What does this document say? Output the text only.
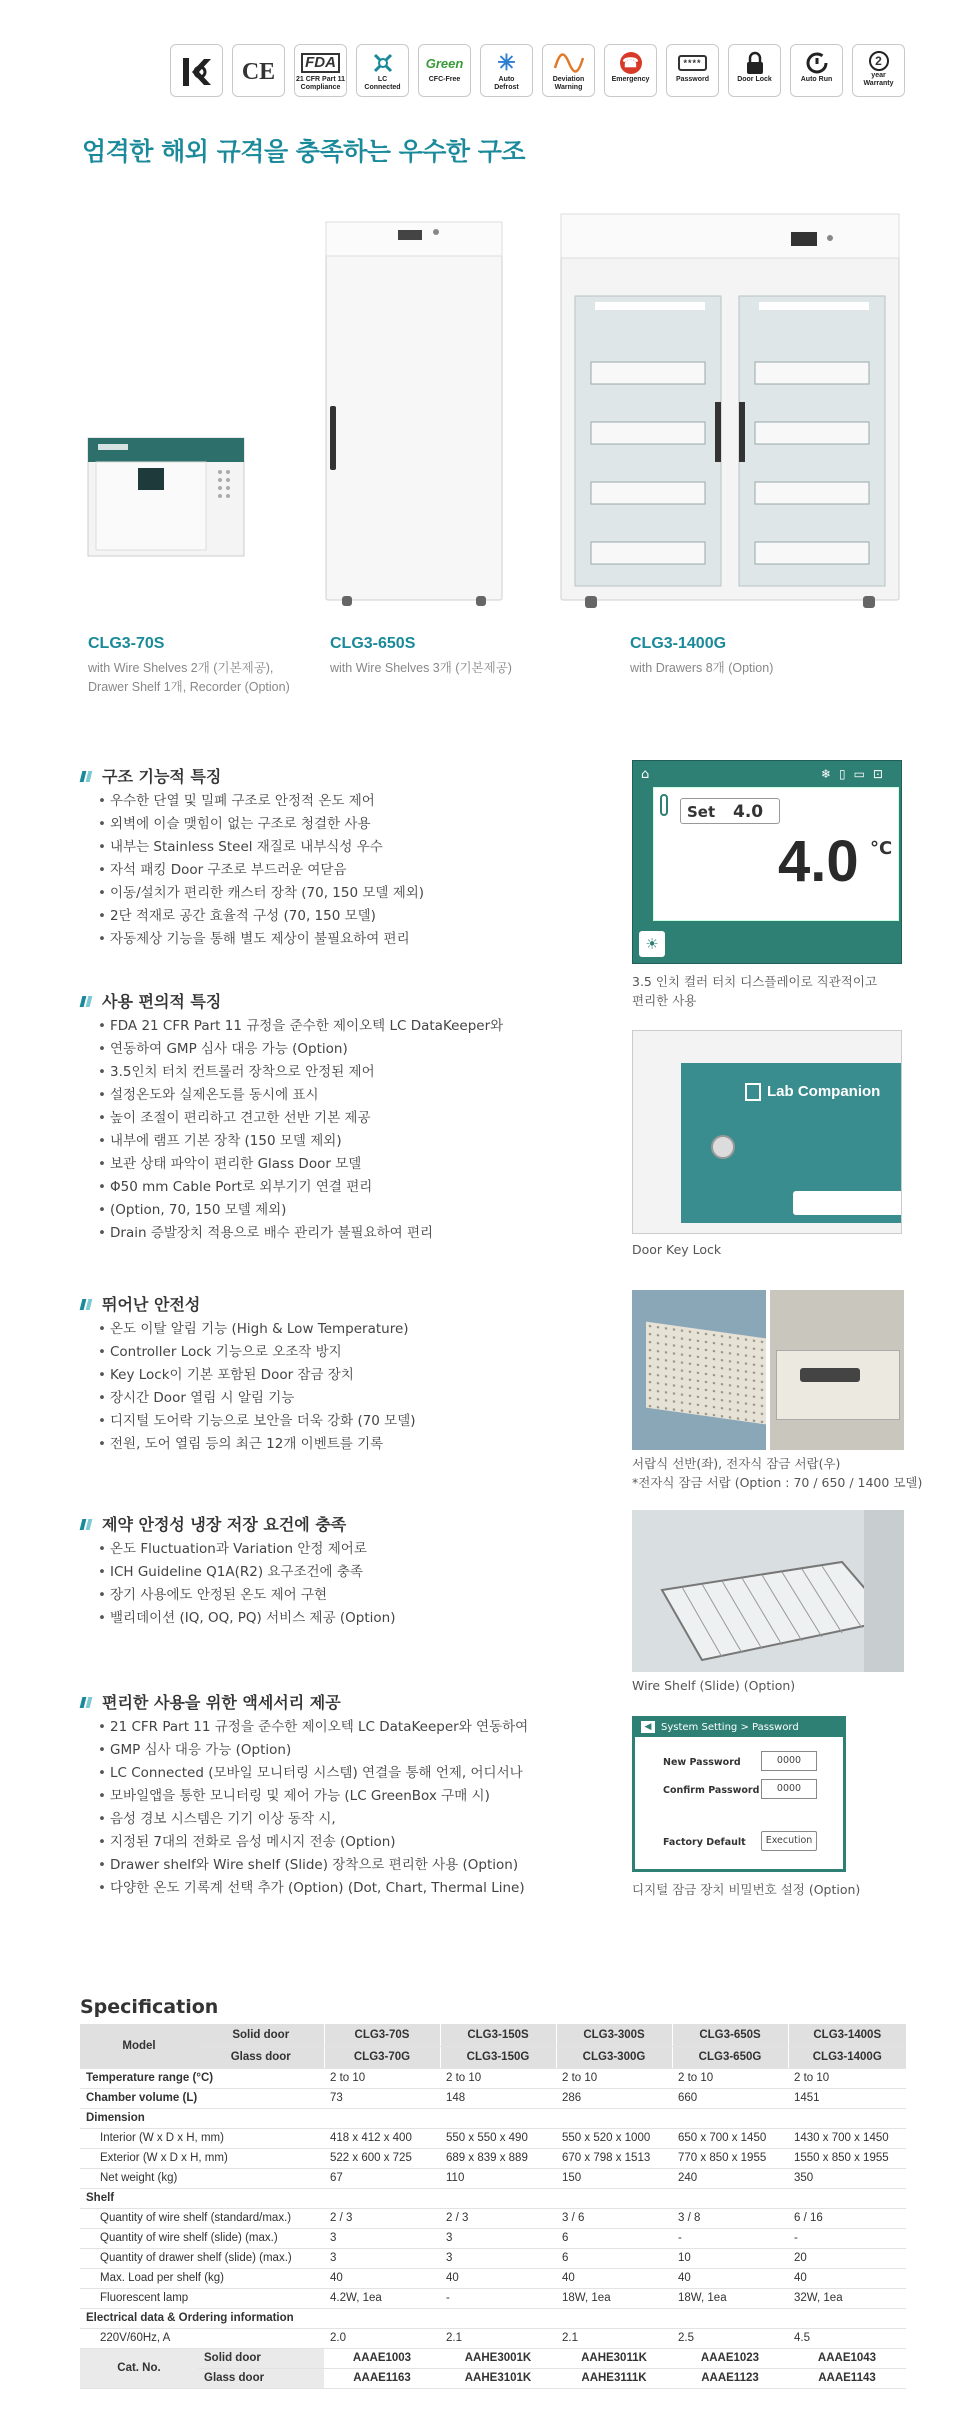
CE FDA
21 CFR Part 11
Compliance
LC
Connected
Green
CFC-Free
✳
Auto
Defrost
Deviation
Warning
☎
Emergency
****
Password	Door Lock	Auto Run
2
year
Warranty
엄격한 해외 규격을 충족하는 우수한 구조
CLG3-70S
with Wire Shelves 2개 (기본제공),
Drawer Shelf 1개, Recorder (Option)
CLG3-650S
with Wire Shelves 3개 (기본제공)
CLG3-1400G
with Drawers 8개 (Option)
구조 기능적 특징
• 우수한 단열 및 밀폐 구조로 안정적 온도 제어
• 외벽에 이슬 맺힘이 없는 구조로 청결한 사용
• 내부는 Stainless Steel 재질로 내부식성 우수
• 자석 패킹 Door 구조로 부드러운 여닫음
• 이동/설치가 편리한 캐스터 장착 (70, 150 모델 제외)
• 2단 적재로 공간 효율적 구성 (70, 150 모델)
• 자동제상 기능을 통해 별도 제상이 불필요하여 편리
사용 편의적 특징
• FDA 21 CFR Part 11 규정을 준수한 제이오텍 LC DataKeeper와
• 연동하여 GMP 심사 대응 가능 (Option)
• 3.5인치 터치 컨트롤러 장착으로 안정된 제어
• 설정온도와 실제온도를 동시에 표시
• 높이 조절이 편리하고 견고한 선반 기본 제공
• 내부에 램프 기본 장착 (150 모델 제외)
• 보관 상태 파악이 편리한 Glass Door 모델
• Φ50 mm Cable Port로 외부기기 연결 편리
• (Option, 70, 150 모델 제외)
• Drain 증발장치 적용으로 배수 관리가 불필요하여 편리
뛰어난 안전성
• 온도 이탈 알림 기능 (High & Low Temperature)
• Controller Lock 기능으로 오조작 방지
• Key Lock이 기본 포함된 Door 잠금 장치
• 장시간 Door 열림 시 알림 기능
• 디지털 도어락 기능으로 보안을 더욱 강화 (70 모델)
• 전원, 도어 열림 등의 최근 12개 이벤트를 기록
제약 안정성 냉장 저장 요건에 충족
• 온도 Fluctuation과 Variation 안정 제어로
• ICH Guideline Q1A(R2) 요구조건에 충족
• 장기 사용에도 안정된 온도 제어 구현
• 밸리데이션 (IQ, OQ, PQ) 서비스 제공 (Option)
편리한 사용을 위한 액세서리 제공
• 21 CFR Part 11 규정을 준수한 제이오텍 LC DataKeeper와 연동하여
• GMP 심사 대응 가능 (Option)
• LC Connected (모바일 모니터링 시스템) 연결을 통해 언제, 어디서나
• 모바일앱을 통한 모니터링 및 제어 가능 (LC GreenBox 구매 시)
• 음성 경보 시스템은 기기 이상 동작 시,
• 지정된 7대의 전화로 음성 메시지 전송 (Option)
• Drawer shelf와 Wire shelf (Slide) 장착으로 편리한 사용 (Option)
• 다양한 온도 기록계 선택 추가 (Option) (Dot, Chart, Thermal Line)
⌂	❄▯▭⊡
Set 4.0
4.0 °C
☀
3.5 인치 컬러 터치 디스플레이로 직관적이고
편리한 사용
Lab Companion
Door Key Lock
서랍식 선반(좌), 전자식 잠금 서랍(우)
*전자식 잠금 서랍 (Option : 70 / 650 / 1400 모델)
Wire Shelf (Slide) (Option)
◀ System Setting > Password
New Password	0000
Confirm Password	0000
Factory Default	Execution
디지털 잠금 장치 비밀번호 설정 (Option)
Specification
Model	Solid door	CLG3-70S	CLG3-150S	CLG3-300S	CLG3-650S	CLG3-1400S
	Glass door	CLG3-70G	CLG3-150G	CLG3-300G	CLG3-650G	CLG3-1400G
Temperature range (°C)		2 to 10	2 to 10	2 to 10	2 to 10	2 to 10
Chamber volume (L)		73	148	286	660	1451
Dimension						
Interior (W x D x H, mm)		418 x 412 x 400	550 x 550 x 490	550 x 520 x 1000	650 x 700 x 1450	1430 x 700 x 1450
Exterior (W x D x H, mm)		522 x 600 x 725	689 x 839 x 889	670 x 798 x 1513	770 x 850 x 1955	1550 x 850 x 1955
Net weight (kg)		67	110	150	240	350
Shelf						
Quantity of wire shelf (standard/max.)		2 / 3	2 / 3	3 / 6	3 / 8	6 / 16
Quantity of wire shelf (slide) (max.)		3	3	6	-	-
Quantity of drawer shelf (slide) (max.)		3	3	6	10	20
Max. Load per shelf (kg)		40	40	40	40	40
Fluorescent lamp		4.2W, 1ea	-	18W, 1ea	18W, 1ea	32W, 1ea
Electrical data & Ordering information						
220V/60Hz, A		2.0	2.1	2.1	2.5	4.5
Cat. No.	Solid door	AAAE1003	AAHE3001K	AAHE3011K	AAAE1023	AAAE1043
	Glass door	AAAE1163	AAHE3101K	AAHE3111K	AAAE1123	AAAE1143
